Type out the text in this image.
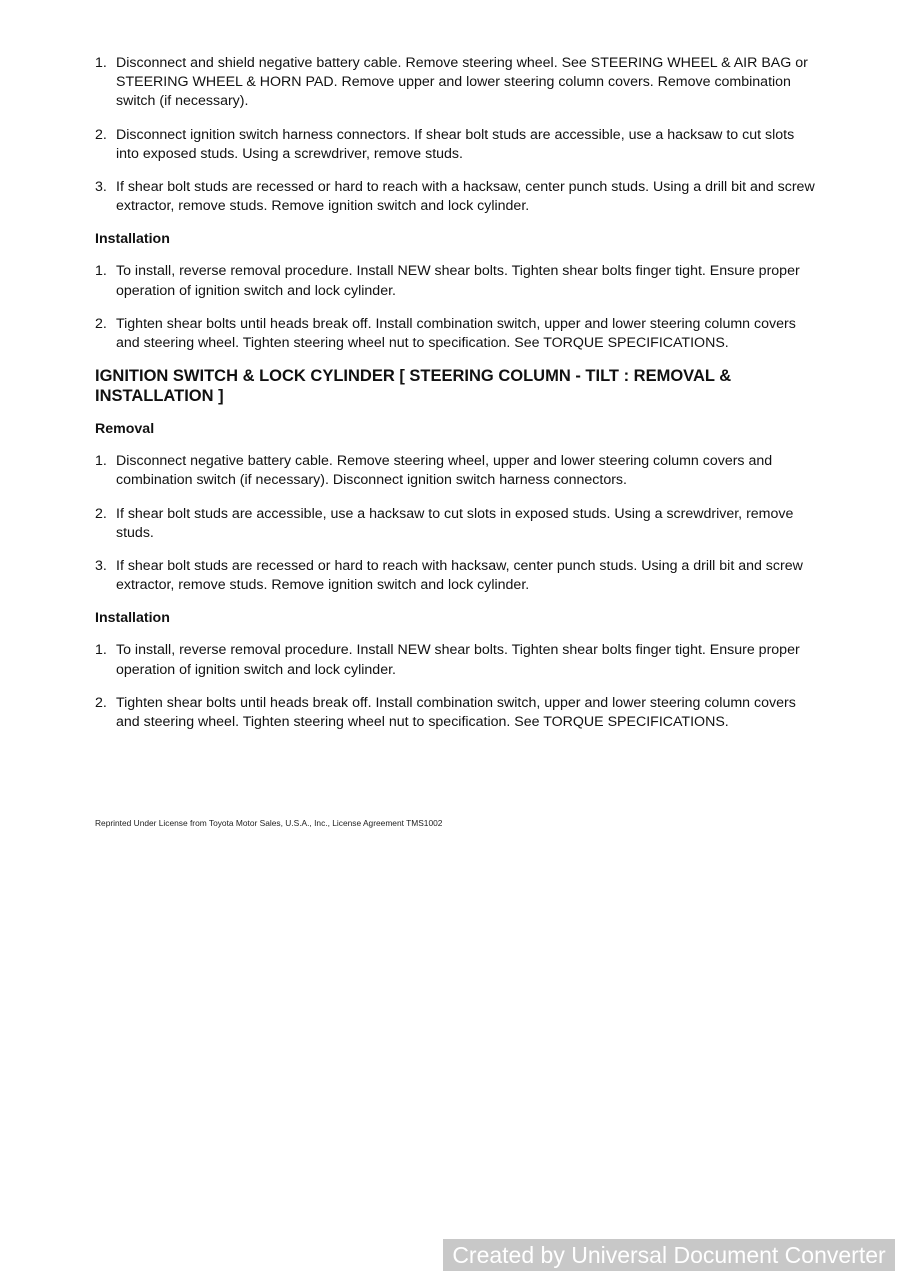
1. Disconnect and shield negative battery cable. Remove steering wheel. See STEERING WHEEL & AIR BAG or STEERING WHEEL & HORN PAD. Remove upper and lower steering column covers. Remove combination switch (if necessary).
2. Disconnect ignition switch harness connectors. If shear bolt studs are accessible, use a hacksaw to cut slots into exposed studs. Using a screwdriver, remove studs.
3. If shear bolt studs are recessed or hard to reach with a hacksaw, center punch studs. Using a drill bit and screw extractor, remove studs. Remove ignition switch and lock cylinder.
Installation
1. To install, reverse removal procedure. Install NEW shear bolts. Tighten shear bolts finger tight. Ensure proper operation of ignition switch and lock cylinder.
2. Tighten shear bolts until heads break off. Install combination switch, upper and lower steering column covers and steering wheel. Tighten steering wheel nut to specification. See TORQUE SPECIFICATIONS.
IGNITION SWITCH & LOCK CYLINDER [ STEERING COLUMN - TILT : REMOVAL & INSTALLATION ]
Removal
1. Disconnect negative battery cable. Remove steering wheel, upper and lower steering column covers and combination switch (if necessary). Disconnect ignition switch harness connectors.
2. If shear bolt studs are accessible, use a hacksaw to cut slots in exposed studs. Using a screwdriver, remove studs.
3. If shear bolt studs are recessed or hard to reach with hacksaw, center punch studs. Using a drill bit and screw extractor, remove studs. Remove ignition switch and lock cylinder.
Installation
1. To install, reverse removal procedure. Install NEW shear bolts. Tighten shear bolts finger tight. Ensure proper operation of ignition switch and lock cylinder.
2. Tighten shear bolts until heads break off. Install combination switch, upper and lower steering column covers and steering wheel. Tighten steering wheel nut to specification. See TORQUE SPECIFICATIONS.
Reprinted Under License from Toyota Motor Sales, U.S.A., Inc., License Agreement TMS1002
Created by Universal Document Converter
